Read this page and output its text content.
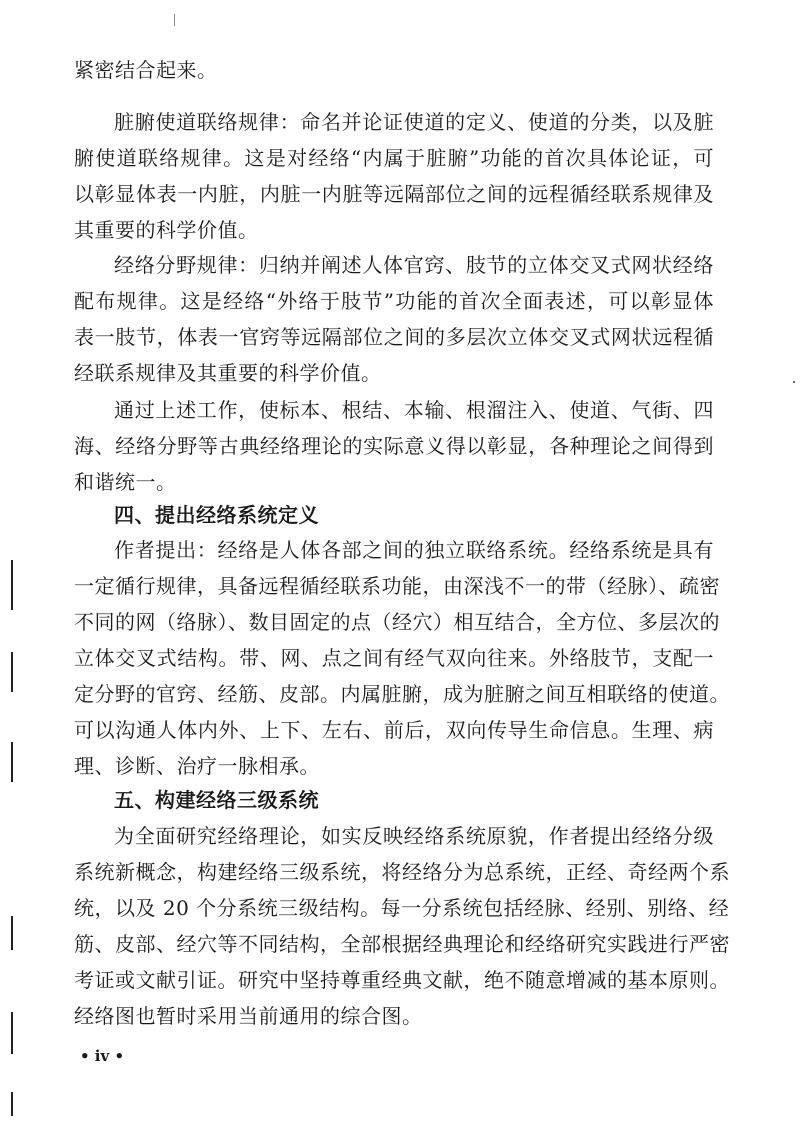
紧密结合起来。
脏腑使道联络规律：命名并论证使道的定义、使道的分类，以及脏
腑使道联络规律。这是对经络“内属于脏腑”功能的首次具体论证，可
以彰显体表一内脏，内脏一内脏等远隔部位之间的远程循经联系规律及
其重要的科学价值。
经络分野规律：归纳并阐述人体官窍、肢节的立体交叉式网状经络
配布规律。这是经络“外络于肢节”功能的首次全面表述，可以彰显体
表一肢节，体表一官窍等远隔部位之间的多层次立体交叉式网状远程循
经联系规律及其重要的科学价值。
通过上述工作，使标本、根结、本输、根溜注入、使道、气街、四
海、经络分野等古典经络理论的实际意义得以彰显，各种理论之间得到
和谐统一。
四、提出经络系统定义
作者提出：经络是人体各部之间的独立联络系统。经络系统是具有
一定循行规律，具备远程循经联系功能，由深浅不一的带（经脉）、疏密
不同的网（络脉）、数目固定的点（经穴）相互结合，全方位、多层次的
立体交叉式结构。带、网、点之间有经气双向往来。外络肢节，支配一
定分野的官窍、经筋、皮部。内属脏腑，成为脏腑之间互相联络的使道。
可以沟通人体内外、上下、左右、前后，双向传导生命信息。生理、病
理、诊断、治疗一脉相承。
五、构建经络三级系统
为全面研究经络理论，如实反映经络系统原貌，作者提出经络分级
系统新概念，构建经络三级系统，将经络分为总系统，正经、奇经两个系
统，以及 20 个分系统三级结构。每一分系统包括经脉、经别、别络、经
筋、皮部、经穴等不同结构，全部根据经典理论和经络研究实践进行严密
考证或文献引证。研究中坚持尊重经典文献，绝不随意增减的基本原则。
经络图也暂时采用当前通用的综合图。
• iv •
